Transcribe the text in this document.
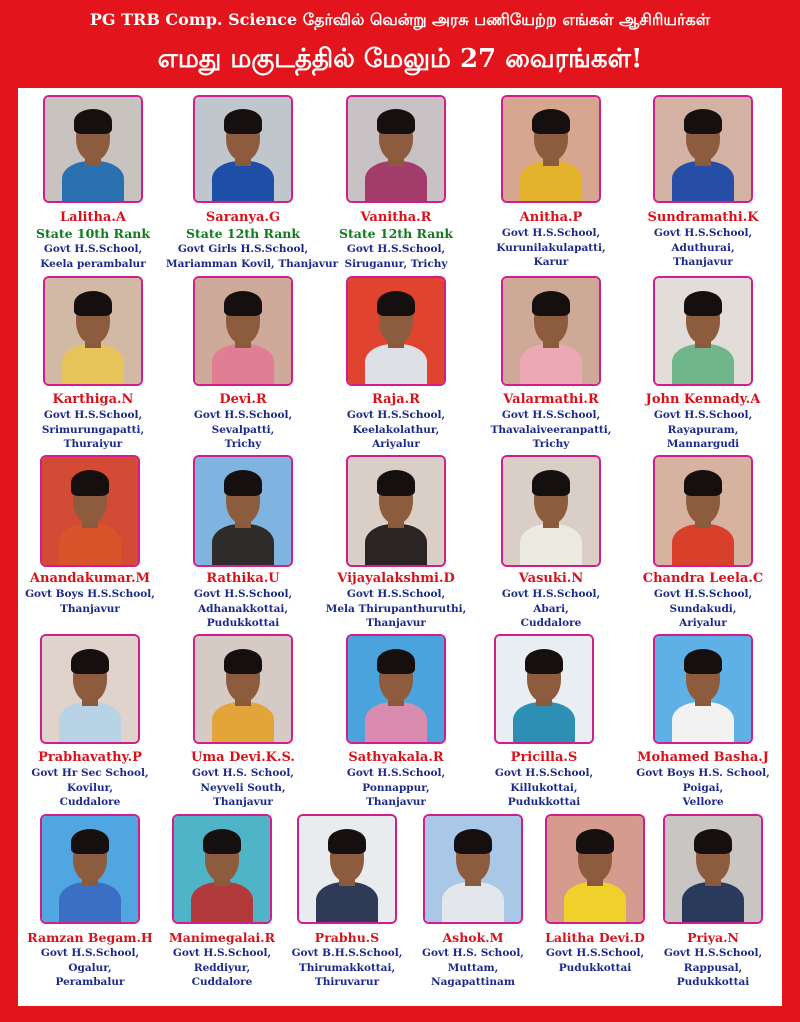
PG TRB Comp. Science தேர்வில் வென்று அரசு பணியேற்ற எங்கள் ஆசிரியர்கள்
எமது மகுடத்தில் மேலும் 27 வைரங்கள்!
Lalitha.A
State 10th Rank
Govt H.S.School,
Keela perambalur
Saranya.G
State 12th Rank
Govt Girls H.S.School,
Mariamman Kovil, Thanjavur
Vanitha.R
State 12th Rank
Govt H.S.School,
Siruganur, Trichy
Anitha.P
Govt H.S.School,
Kurunilakulapatti,
Karur
Sundramathi.K
Govt H.S.School,
Aduthurai,
Thanjavur
Karthiga.N
Govt H.S.School,
Srimurungapatti,
Thuraiyur
Devi.R
Govt H.S.School,
Sevalpatti,
Trichy
Raja.R
Govt H.S.School,
Keelakolathur,
Ariyalur
Valarmathi.R
Govt H.S.School,
Thavalaiveeranpatti,
Trichy
John Kennady.A
Govt H.S.School,
Rayapuram,
Mannargudi
Anandakumar.M
Govt Boys H.S.School,
Thanjavur
Rathika.U
Govt H.S.School,
Adhanakkottai,
Pudukkottai
Vijayalakshmi.D
Govt H.S.School,
Mela Thirupanthuruthi,
Thanjavur
Vasuki.N
Govt H.S.School,
Abari,
Cuddalore
Chandra Leela.C
Govt H.S.School,
Sundakudi,
Ariyalur
Prabhavathy.P
Govt Hr Sec School,
Kovilur,
Cuddalore
Uma Devi.K.S.
Govt H.S. School,
Neyveli South,
Thanjavur
Sathyakala.R
Govt H.S.School,
Ponnappur,
Thanjavur
Pricilla.S
Govt H.S.School,
Killukottai,
Pudukkottai
Mohamed Basha.J
Govt Boys H.S. School,
Poigai,
Vellore
Ramzan Begam.H
Govt H.S.School,
Ogalur,
Perambalur
Manimegalai.R
Govt H.S.School,
Reddiyur,
Cuddalore
Prabhu.S
Govt B.H.S.School,
Thirumakkottai,
Thiruvarur
Ashok.M
Govt H.S. School,
Muttam,
Nagapattinam
Lalitha Devi.D
Govt H.S.School,
Pudukkottai
Priya.N
Govt H.S.School,
Rappusal,
Pudukkottai
